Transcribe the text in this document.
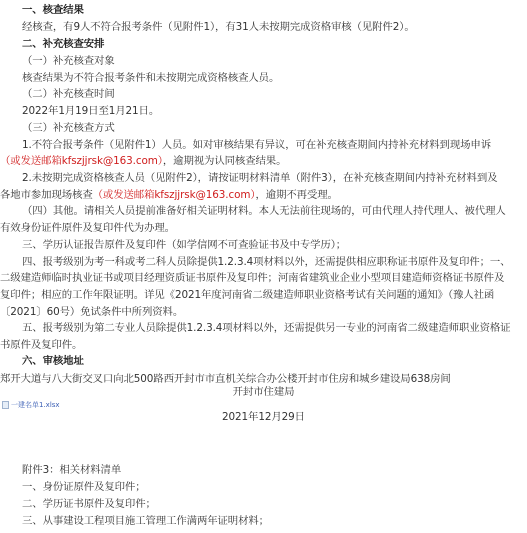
一、核查结果

经核查，有9人不符合报考条件（见附件1），有31人未按期完成资格审核（见附件2）。

二、补充核查安排

（一）补充核查对象

核查结果为不符合报考条件和未按期完成资格核查人员。

（二）补充核查时间

2022年1月19日至1月21日。

（三）补充核查方式

1.不符合报考条件（见附件1）人员。如对审核结果有异议，可在补充核查期间内持补充材料到现场申诉

（或发送邮箱kfszjjrsk@163.com），逾期视为认同核查结果。

2.未按期完成资格核查人员（见附件2），请按证明材料清单（附件3），在补充核查期间内持补充材料到及

各地市参加现场核查（或发送邮箱kfszjjrsk@163.com），逾期不再受理。

（四）其他。请相关人员提前准备好相关证明材料。本人无法前往现场的，可由代理人持代理人、被代理人

有效身份证件原件及复印件代为办理。

三、学历认证报告原件及复印件（如学信网不可查验证书及中专学历）；

四、报考级别为考一科或考二科人员除提供1.2.3.4项材料以外，还需提供相应职称证书原件及复印件；一、

二级建造师临时执业证书或项目经理资质证书原件及复印件；河南省建筑业企业小型项目建造师资格证书原件及

复印件；相应的工作年限证明。详见《2021年度河南省二级建造师职业资格考试有关问题的通知》（豫人社函

〔2021〕60号）免试条件中所列资料。

五、报考级别为第二专业人员除提供1.2.3.4项材料以外，还需提供另一专业的河南省二级建造师职业资格证

书原件及复印件。

六、审核地址

郑开大道与八大街交叉口向北500路西开封市市直机关综合办公楼开封市住房和城乡建设局638房间

一建名单1.xlsx

开封市住建局

2021年12月29日

附件3：相关材料清单

一、身份证原件及复印件；

二、学历证书原件及复印件；

三、从事建设工程项目施工管理工作满两年证明材料；
